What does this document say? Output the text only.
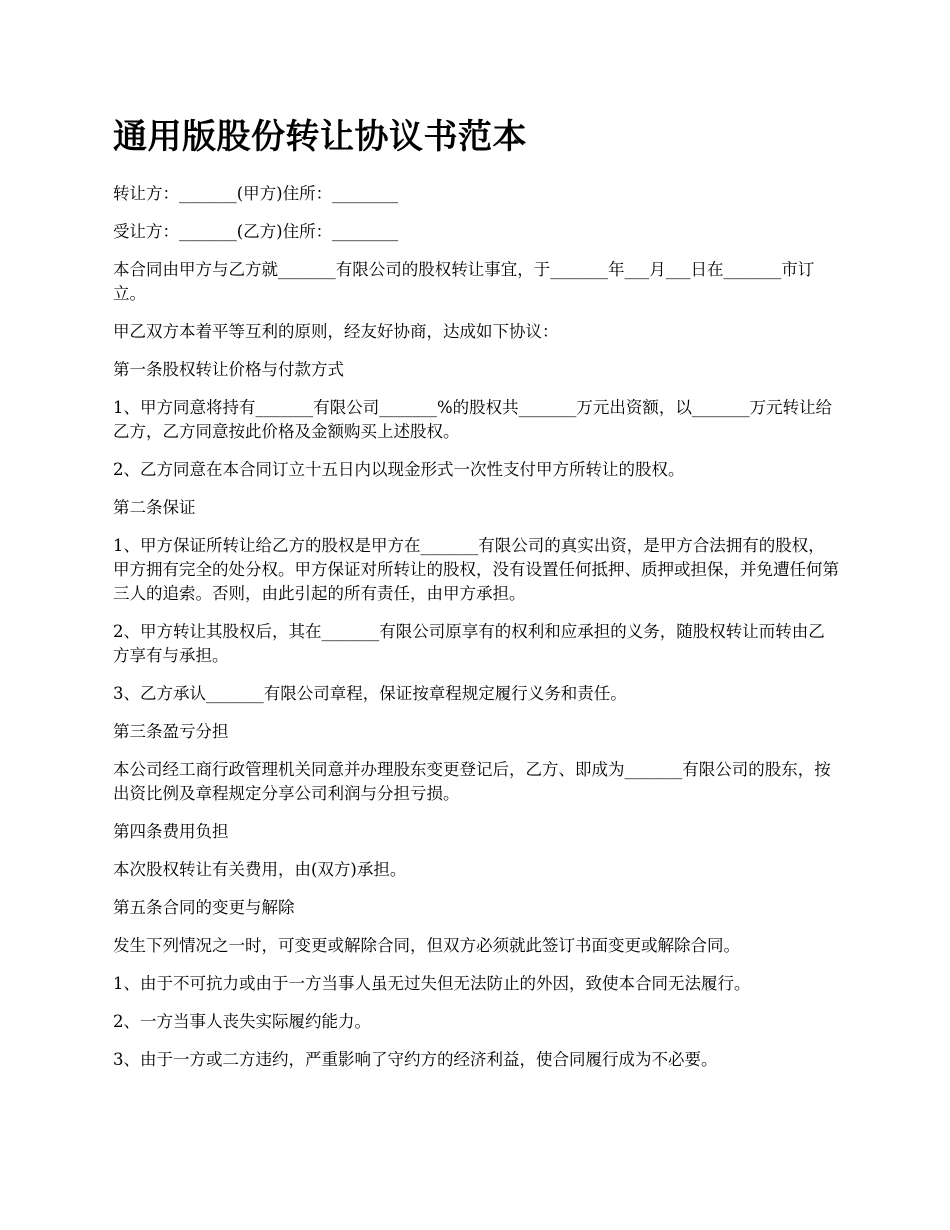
通用版股份转让协议书范本

转让方：_______(甲方)住所：________

受让方：_______(乙方)住所：________

本合同由甲方与乙方就_______有限公司的股权转让事宜，于_______年___月___日在_______市订立。

甲乙双方本着平等互利的原则，经友好协商，达成如下协议：

第一条股权转让价格与付款方式

1、甲方同意将持有_______有限公司_______%的股权共_______万元出资额，以_______万元转让给乙方，乙方同意按此价格及金额购买上述股权。

2、乙方同意在本合同订立十五日内以现金形式一次性支付甲方所转让的股权。

第二条保证

1、甲方保证所转让给乙方的股权是甲方在_______有限公司的真实出资，是甲方合法拥有的股权，甲方拥有完全的处分权。甲方保证对所转让的股权，没有设置任何抵押、质押或担保，并免遭任何第三人的追索。否则，由此引起的所有责任，由甲方承担。

2、甲方转让其股权后，其在_______有限公司原享有的权利和应承担的义务，随股权转让而转由乙方享有与承担。

3、乙方承认_______有限公司章程，保证按章程规定履行义务和责任。

第三条盈亏分担

本公司经工商行政管理机关同意并办理股东变更登记后，乙方、即成为_______有限公司的股东，按出资比例及章程规定分享公司利润与分担亏损。

第四条费用负担

本次股权转让有关费用，由(双方)承担。

第五条合同的变更与解除

发生下列情况之一时，可变更或解除合同，但双方必须就此签订书面变更或解除合同。

1、由于不可抗力或由于一方当事人虽无过失但无法防止的外因，致使本合同无法履行。

2、一方当事人丧失实际履约能力。

3、由于一方或二方违约，严重影响了守约方的经济利益，使合同履行成为不必要。
